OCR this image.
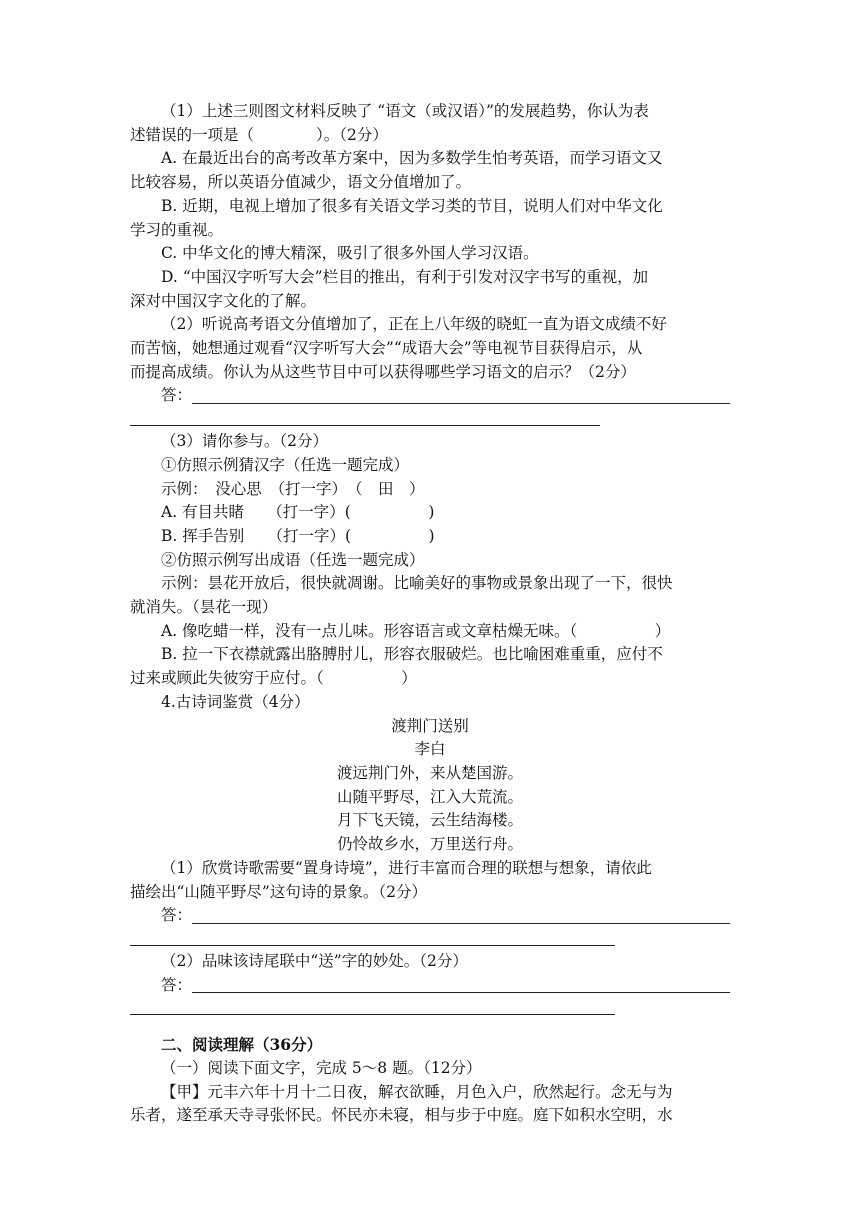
（1）上述三则图文材料反映了 “语文（或汉语）”的发展趋势，你认为表

述错误的一项是（　　　　）。（2分）

A. 在最近出台的高考改革方案中，因为多数学生怕考英语，而学习语文又

比较容易，所以英语分值减少，语文分值增加了。

B. 近期，电视上增加了很多有关语文学习类的节目，说明人们对中华文化

学习的重视。

C. 中华文化的博大精深，吸引了很多外国人学习汉语。

D. “中国汉字听写大会”栏目的推出，有利于引发对汉字书写的重视，加

深对中国汉字文化的了解。

（2）听说高考语文分值增加了，正在上八年级的晓虹一直为语文成绩不好

而苦恼，她想通过观看“汉字听写大会”“成语大会”等电视节目获得启示，从

而提高成绩。你认为从这些节目中可以获得哪些学习语文的启示？（2分）

答：

（3）请你参与。（2分）

①仿照示例猜汉字（任选一题完成）

示例：　没心思　（打一字）　（　田　）

A. 有目共睹　　（打一字）(　　　　　)

B. 挥手告别　　（打一字）(　　　　　)

②仿照示例写出成语（任选一题完成）

示例：昙花开放后，很快就凋谢。比喻美好的事物或景象出现了一下，很快

就消失。（昙花一现）

A. 像吃蜡一样，没有一点儿味。形容语言或文章枯燥无味。（　　　　　）

B. 拉一下衣襟就露出胳膊肘儿，形容衣服破烂。也比喻困难重重，应付不

过来或顾此失彼穷于应付。（　　　　　）

4.古诗词鉴赏（4分）

渡荆门送别

李白

渡远荆门外，来从楚国游。

山随平野尽，江入大荒流。

月下飞天镜，云生结海楼。

仍怜故乡水，万里送行舟。

（1）欣赏诗歌需要“置身诗境”，进行丰富而合理的联想与想象，请依此

描绘出“山随平野尽”这句诗的景象。（2分）

答：

（2）品味该诗尾联中“送”字的妙处。（2分）

答：

二、阅读理解（36分）

（一）阅读下面文字，完成 5～8 题。（12分）

【甲】元丰六年十月十二日夜，解衣欲睡，月色入户，欣然起行。念无与为

乐者，遂至承天寺寻张怀民。怀民亦未寝，相与步于中庭。庭下如积水空明，水
